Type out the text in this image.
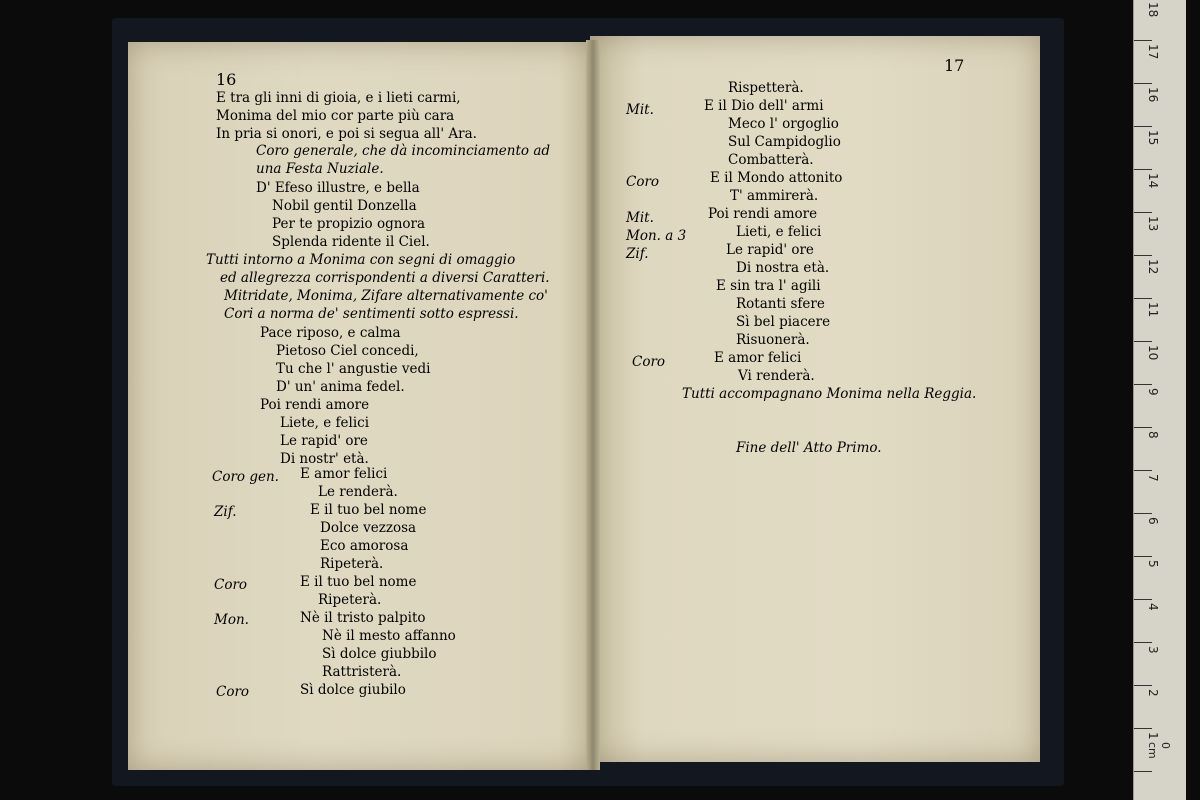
16
E tra gli inni di gioia, e i lieti carmi,
Monima del mio cor parte più cara
In pria si onori, e poi si segua all' Ara.
Coro generale, che dà incominciamento ad
una Festa Nuziale.
D' Efeso illustre, e bella
Nobil gentil Donzella
Per te propizio ognora
Splenda ridente il Ciel.
Tutti intorno a Monima con segni di omaggio
ed allegrezza corrispondenti a diversi Caratteri.
Mitridate, Monima, Zifare alternativamente co'
Cori a norma de' sentimenti sotto espressi.
Pace riposo, e calma
Pietoso Ciel concedi,
Tu che l' angustie vedi
D' un' anima fedel.
Poi rendi amore
Liete, e felici
Le rapid' ore
Di nostr' età.
Coro gen. E amor felici
Le renderà.
Zif.	E il tuo bel nome
Dolce vezzosa
Eco amorosa
Ripeterà.
Coro	E il tuo bel nome
Ripeterà.
Mon.	Nè il tristo palpito
Nè il mesto affanno
Sì dolce giubbilo
Rattristerà.
Coro	Sì dolce giubilo
17
Rispetterà.
Mit.	E il Dio dell' armi
Meco l' orgoglio
Sul Campidoglio
Combatterà.
Coro	E il Mondo attonito
T' ammirerà.
Mit.	Poi rendi amore
Mon. a 3	Lieti, e felici
Zif.	Le rapid' ore
Di nostra età.
E sin tra l' agili
Rotanti sfere
Sì bel piacere
Risuonerà.
Coro	E amor felici
Vi renderà.
Tutti accompagnano Monima nella Reggia.
Fine dell' Atto Primo.
18
17
16
15
14
13
12
11
10
9
8
7
6
5
4
3
2
1
0 cm
